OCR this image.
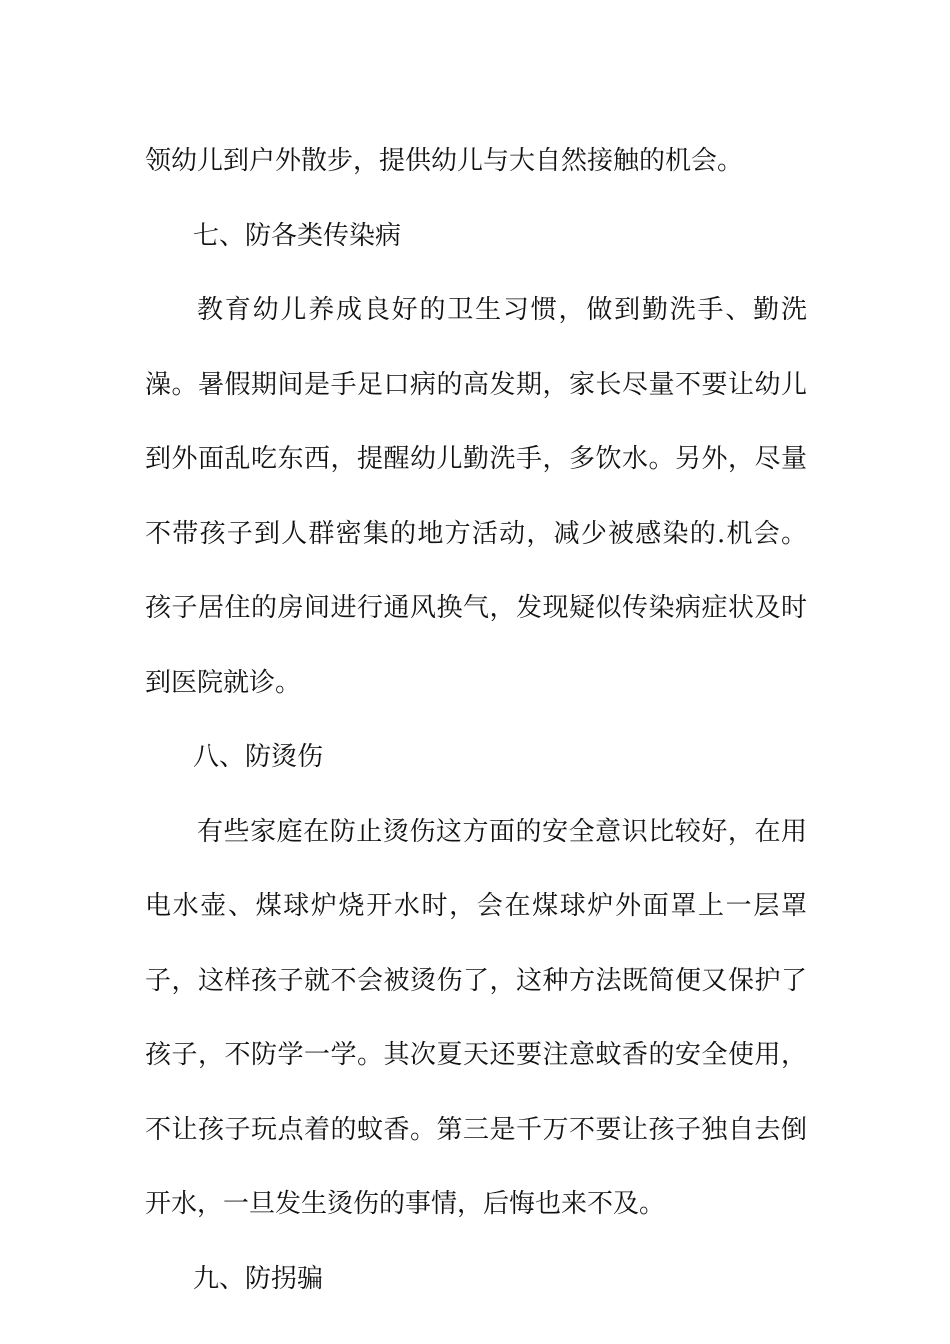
领幼儿到户外散步，提供幼儿与大自然接触的机会。

七、防各类传染病

教育幼儿养成良好的卫生习惯，做到勤洗手、勤洗澡。暑假期间是手足口病的高发期，家长尽量不要让幼儿到外面乱吃东西，提醒幼儿勤洗手，多饮水。另外，尽量不带孩子到人群密集的地方活动，减少被感染的.机会。 孩子居住的房间进行通风换气，发现疑似传染病症状及时到医院就诊。

八、防烫伤

有些家庭在防止烫伤这方面的安全意识比较好，在用电水壶、煤球炉烧开水时，会在煤球炉外面罩上一层罩子，这样孩子就不会被烫伤了，这种方法既简便又保护了孩子，不防学一学。其次夏天还要注意蚊香的安全使用，不让孩子玩点着的蚊香。第三是千万不要让孩子独自去倒开水，一旦发生烫伤的事情，后悔也来不及。

九、防拐骗
